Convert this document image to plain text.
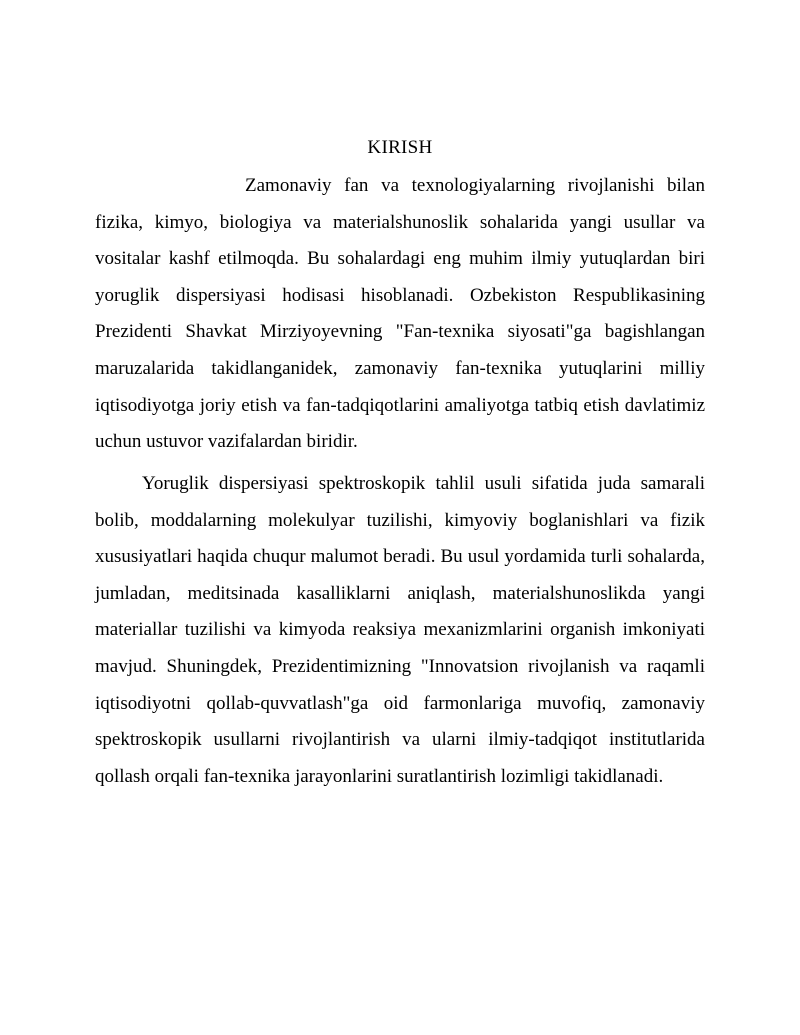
KIRISH

Zamonaviy fan va texnologiyalarning rivojlanishi bilan fizika, kimyo, biologiya va materialshunoslik sohalarida yangi usullar va vositalar kashf etilmoqda. Bu sohalardagi eng muhim ilmiy yutuqlardan biri yoruglik dispersiyasi hodisasi hisoblanadi. Ozbekiston Respublikasining Prezidenti Shavkat Mirziyoyevning "Fan-texnika siyosati"ga bagishlangan maruzalarida takidlanganidek, zamonaviy fan-texnika yutuqlarini milliy iqtisodiyotga joriy etish va fan-tadqiqotlarini amaliyotga tatbiq etish davlatimiz uchun ustuvor vazifalardan biridir.

Yoruglik dispersiyasi spektroskopik tahlil usuli sifatida juda samarali bolib, moddalarning molekulyar tuzilishi, kimyoviy boglanishlari va fizik xususiyatlari haqida chuqur malumot beradi. Bu usul yordamida turli sohalarda, jumladan, meditsinada kasalliklarni aniqlash, materialshunoslikda yangi materiallar tuzilishi va kimyoda reaksiya mexanizmlarini organish imkoniyati mavjud. Shuningdek, Prezidentimizning "Innovatsion rivojlanish va raqamli iqtisodiyotni qollab-quvvatlash"ga oid farmonlariga muvofiq, zamonaviy spektroskopik usullarni rivojlantirish va ularni ilmiy-tadqiqot institutlarida qollash orqali fan-texnika jarayonlarini suratlantirish lozimligi takidlanadi.
